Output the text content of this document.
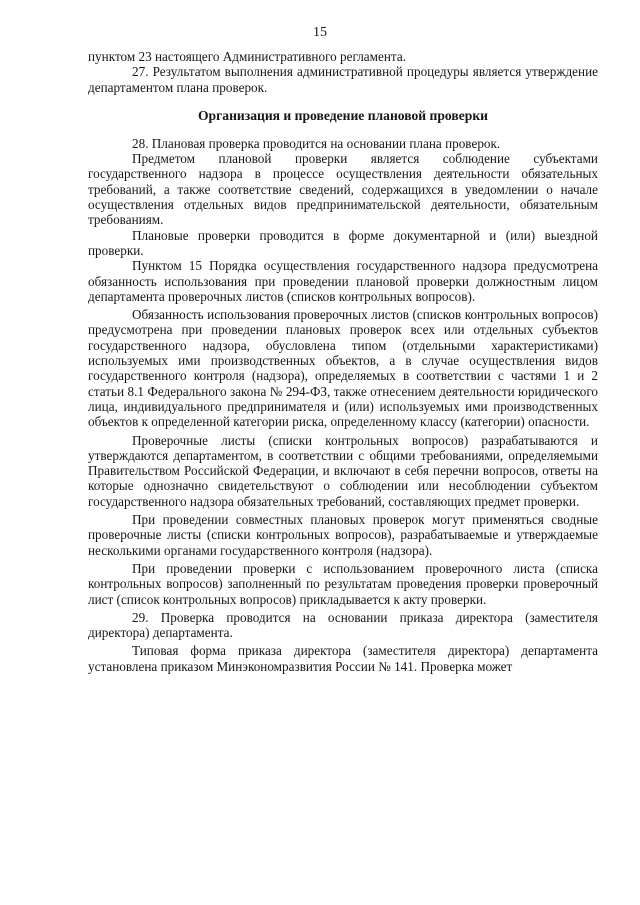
15

пунктом 23 настоящего Административного регламента.

27. Результатом выполнения административной процедуры является утверждение департаментом плана проверок.

Организация и проведение плановой проверки

28. Плановая проверка проводится на основании плана проверок.

Предметом плановой проверки является соблюдение субъектами государственного надзора в процессе осуществления деятельности обязательных требований, а также соответствие сведений, содержащихся в уведомлении о начале осуществления отдельных видов предпринимательской деятельности, обязательным требованиям.

Плановые проверки проводится в форме документарной и (или) выездной проверки.

Пунктом 15 Порядка осуществления государственного надзора предусмотрена обязанность использования при проведении плановой проверки должностным лицом департамента проверочных листов (списков контрольных вопросов).

Обязанность использования проверочных листов (списков контрольных вопросов) предусмотрена при проведении плановых проверок всех или отдельных субъектов государственного надзора, обусловлена типом (отдельными характеристиками) используемых ими производственных объектов, а в случае осуществления видов государственного контроля (надзора), определяемых в соответствии с частями 1 и 2 статьи 8.1 Федерального закона № 294-ФЗ, также отнесением деятельности юридического лица, индивидуального предпринимателя и (или) используемых ими производственных объектов к определенной категории риска, определенному классу (категории) опасности.

Проверочные листы (списки контрольных вопросов) разрабатываются и утверждаются департаментом, в соответствии с общими требованиями, определяемыми Правительством Российской Федерации, и включают в себя перечни вопросов, ответы на которые однозначно свидетельствуют о соблюдении или несоблюдении субъектом государственного надзора обязательных требований, составляющих предмет проверки.

При проведении совместных плановых проверок могут применяться сводные проверочные листы (списки контрольных вопросов), разрабатываемые и утверждаемые несколькими органами государственного контроля (надзора).

При проведении проверки с использованием проверочного листа (списка контрольных вопросов) заполненный по результатам проведения проверки проверочный лист (список контрольных вопросов) прикладывается к акту проверки.

29. Проверка проводится на основании приказа директора (заместителя директора) департамента.

Типовая форма приказа директора (заместителя директора) департамента установлена приказом Минэкономразвития России № 141. Проверка может
